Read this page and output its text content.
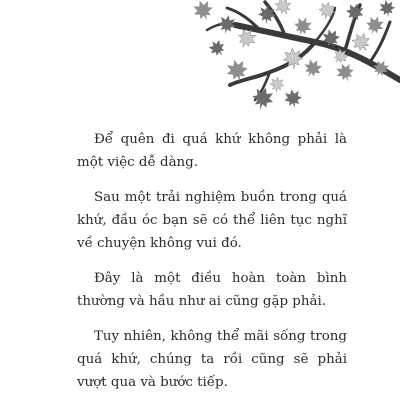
Để quên đi quá khứ không phải là một việc dễ dàng.

Sau một trải nghiệm buồn trong quá khứ, đầu óc bạn sẽ có thể liên tục nghĩ về chuyện không vui đó.

Đây là một điều hoàn toàn bình thường và hầu như ai cũng gặp phải.

Tuy nhiên, không thể mãi sống trong quá khứ, chúng ta rồi cũng sẽ phải vượt qua và bước tiếp.
